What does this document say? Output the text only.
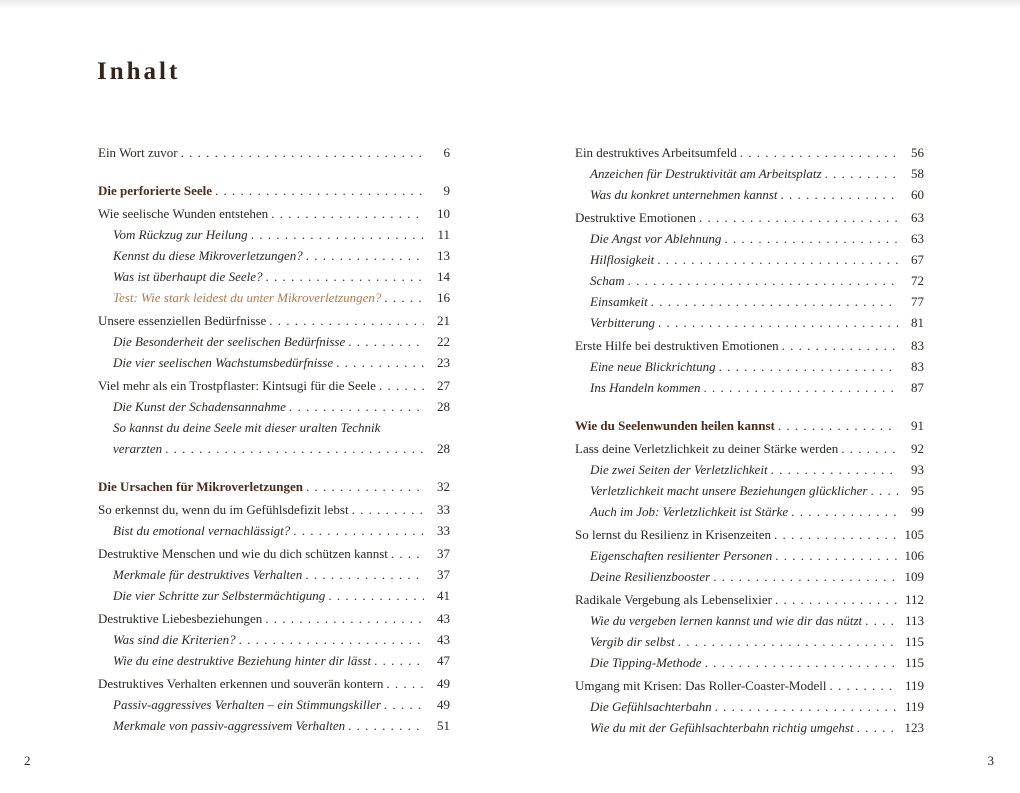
Inhalt
Ein Wort zuvor . . .	6
Die perforierte Seele . . .	9
Wie seelische Wunden entstehen . . .	10
Vom Rückzug zur Heilung . . .	11
Kennst du diese Mikroverletzungen? . . .	13
Was ist überhaupt die Seele? . . .	14
Test: Wie stark leidest du unter Mikroverletzungen? . . .	16
Unsere essenziellen Bedürfnisse . . .	21
Die Besonderheit der seelischen Bedürfnisse . . .	22
Die vier seelischen Wachstumsbedürfnisse . . .	23
Viel mehr als ein Trostpflaster: Kintsugi für die Seele . . .	27
Die Kunst der Schadensannahme . . .	28
So kannst du deine Seele mit dieser uralten Technik
verarzten . . .	28
Die Ursachen für Mikroverletzungen . . .	32
So erkennst du, wenn du im Gefühlsdefizit lebst . . .	33
Bist du emotional vernachlässigt? . . .	33
Destruktive Menschen und wie du dich schützen kannst . . .	37
Merkmale für destruktives Verhalten . . .	37
Die vier Schritte zur Selbstermächtigung . . .	41
Destruktive Liebesbeziehungen . . .	43
Was sind die Kriterien? . . .	43
Wie du eine destruktive Beziehung hinter dir lässt . . .	47
Destruktives Verhalten erkennen und souverän kontern . . .	49
Passiv-aggressives Verhalten – ein Stimmungskiller . . .	49
Merkmale von passiv-aggressivem Verhalten . . .	51
Ein destruktives Arbeitsumfeld . . .	56
Anzeichen für Destruktivität am Arbeitsplatz . . .	58
Was du konkret unternehmen kannst . . .	60
Destruktive Emotionen . . .	63
Die Angst vor Ablehnung . . .	63
Hilflosigkeit . . .	67
Scham . . .	72
Einsamkeit . . .	77
Verbitterung . . .	81
Erste Hilfe bei destruktiven Emotionen . . .	83
Eine neue Blickrichtung . . .	83
Ins Handeln kommen . . .	87
Wie du Seelenwunden heilen kannst . . .	91
Lass deine Verletzlichkeit zu deiner Stärke werden . . .	92
Die zwei Seiten der Verletzlichkeit . . .	93
Verletzlichkeit macht unsere Beziehungen glücklicher . . .	95
Auch im Job: Verletzlichkeit ist Stärke . . .	99
So lernst du Resilienz in Krisenzeiten . . .	105
Eigenschaften resilienter Personen . . .	106
Deine Resilienzbooster . . .	109
Radikale Vergebung als Lebenselixier . . .	112
Wie du vergeben lernen kannst und wie dir das nützt . . .	113
Vergib dir selbst . . .	115
Die Tipping-Methode . . .	115
Umgang mit Krisen: Das Roller-Coaster-Modell . . .	119
Die Gefühlsachterbahn . . .	119
Wie du mit der Gefühlsachterbahn richtig umgehst . . .	123
2	3
